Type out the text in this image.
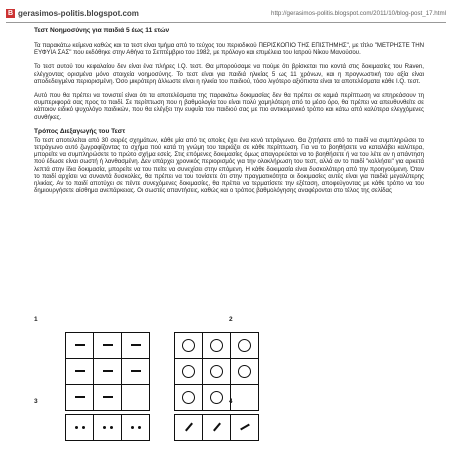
B gerasimos-politis.blogspot.com	http://gerasimos-politis.blogspot.com/2011/10/blog-post_17.html
Τεστ Νοημοσύνης για παιδιά 5 έως 11 ετών
Τα παρακάτω κείμενα καθώς και τα τεστ είναι τμήμα από το τεύχος του περιοδικού ΠΕΡΙΣΚΟΠΙΟ ΤΗΣ ΕΠΙΣΤΗΜΗΣ", με τίτλο "ΜΕΤΡΗΣΤΕ ΤΗΝ ΕΥΦΥΙΑ ΣΑΣ" που εκδόθηκε στην Αθήνα το Σεπτέμβριο του 1982, με πρόλογο και επιμέλεια του Ιατρού Νίκου Μανούσου.
Το τεστ αυτού του κεφαλαίου δεν είναι ένα πλήρες I.Q. τεστ. Θα μπορούσαμε να πούμε ότι βρίσκεται πιο κοντά στις δοκιμασίες του Raven, ελέγχοντας ορισμένα μόνο στοιχεία νοημοσύνης. Το τεστ είναι για παιδιά ηλικίας 5 ως 11 χρόνων, και η προγνωστική του αξία είναι αποδεδειγμένα περιορισμένη. Όσο μικρότερη άλλωστε είναι η ηλικία του παιδιού, τόσο λιγότερο αξιόπιστα είναι τα αποτελέσματα κάθε I.Q. τεστ.
Αυτό που θα πρέπει να τονιστεί είναι ότι τα αποτελέσματα της παρακάτω δοκιμασίας δεν θα πρέπει σε καμιά περίπτωση να επηρεάσουν τη συμπεριφορά σας προς το παιδί. Σε περίπτωση που η βαθμολογία του είναι πολύ χαμηλότερη από το μέσο όρο, θα πρέπει να απευθυνθείτε σε κάποιον ειδικό ψυχολόγο παιδικών, που θα ελέγξει την ευφυΐα του παιδιού σας με πιο αντικειμενικό τρόπο και κάτω από καλύτερα ελεγχόμενες συνθήκες.
Τρόπος Διεξαγωγής του Τεστ
Το τεστ αποτελείται από 30 σειρές σχημάτων, κάθε μία από τις οποίες έχει ένα κενό τετράγωνο. Θα ζητήσετε από το παιδί να συμπληρώσει το τετράγωνο αυτό ζωγραφίζοντας το σχήμα πού κατά τη γνώμη του ταιριάζει σε κάθε περίπτωση. Για να το βοηθήσετε να καταλάβει καλύτερα, μπορείτε να συμπληρώσετε το πρώτο σχήμα εσείς. Στις επόμενες δοκιμασίες όμως απαγορεύεται να το βοηθήσετε ή να του λέτε αν η απάντηση πού έδωσε είναι σωστή ή λανθασμένη. Δεν υπάρχει χρονικός περιορισμός για την ολοκλήρωση του τεστ, αλλά αν το παιδί "κολλήσει" για αρκετά λεπτά στην ίδια δοκιμασία, μπορείτε να του πείτε να συνεχίσει στην επόμενη. Η κάθε δοκιμασία είναι δυσκολότερη από την προηγούμενη. Όταν το παιδί αρχίσει να συναντά δυσκολίες, θα πρέπει να του τονίσετε ότι στην πραγματικότητα οι δοκιμασίες αυτές είναι για παιδιά μεγαλύτερης ηλικίας. Αν το παιδί αποτύχει σε πέντε συνεχόμενες δοκιμασίες, θα πρέπει να τερματίσετε την εξέταση, αποφεύγοντας με κάθε τρόπο να του δημιουργήσετε αίσθημα ανεπάρκειας. Οι σωστές απαντήσεις, καθώς και ο τρόπος βαθμολόγησης αναφέρονται στο τέλος της σελίδας
1

			2

3

		4
